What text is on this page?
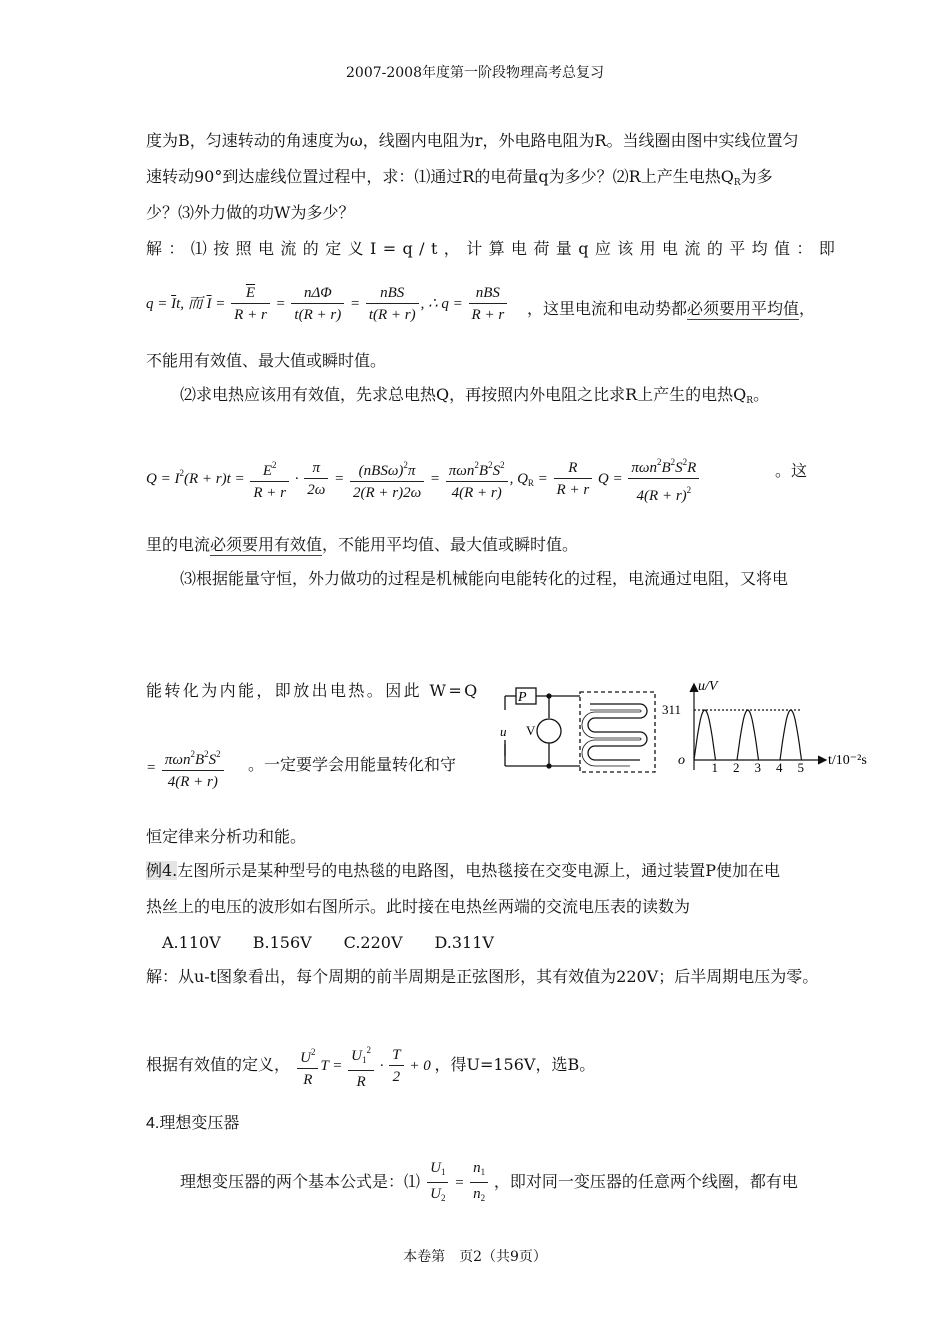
2007-2008年度第一阶段物理高考总复习
度为B，匀速转动的角速度为ω，线圈内电阻为r，外电路电阻为R。当线圈由图中实线位置匀
速转动90°到达虚线位置过程中，求：⑴通过R的电荷量q为多少？⑵R上产生电热$Q_R$为多
少？⑶外力做的功W为多少？
解：⑴按照电流的定义I=q/t，计算电荷量q应该用电流的平均值：即
$q = \overline{I}t$, 而 $\overline{I} = \frac{\overline{E}}{R + r} = \frac{\text{nΔΦ}}{t(R + r)} = \frac{\text{nBS}}{t(R + r)}$ , ∴ $q = \frac{\text{nBS}}{R + r}$ ，这里电流和电动势都必须要用平均值，
不能用有效值、最大值或瞬时值。
⑵求电热应该用有效值，先求总电热Q，再按照内外电阻之比求R上产生的电热$Q_R$。
$Q = I^2(R + r)t = \frac{E^2}{R + r} \cdot \frac{\pi}{2\omega} = \frac{(nBS\omega)^2\pi}{2(R + r)2\omega} = \frac{\pi\omega n^2B^2S^2}{4(R + r)}$ , $Q_R = \frac{R}{R + r}$ $Q = \frac{\pi\omega n^2B^2S^2R}{4(R + r)^2}$	。这
里的电流必须要用有效值，不能用平均值、最大值或瞬时值。
⑶根据能量守恒，外力做功的过程是机械能向电能转化的过程，电流通过电阻，又将电
能转化为内能，即放出电热。因此 W=Q
= $\frac{\pi\omega n^2B^2S^2}{4(R + r)}$ 。一定要学会用能量转化和守
恒定律来分析功和能。
P
V
u
u/V
311
o 1 2 3 4 5 t/10⁻²s
例4.左图所示是某种型号的电热毯的电路图，电热毯接在交变电源上，通过装置P使加在电
热丝上的电压的波形如右图所示。此时接在电热丝两端的交流电压表的读数为
A.110V　　B.156V　　C.220V　　D.311V
解：从u-t图象看出，每个周期的前半周期是正弦图形，其有效值为220V；后半周期电压为零。
根据有效值的定义， $\frac{U^2}{R}$ $T = \frac{U_1^2}{R} \cdot \frac{T}{2} + 0$ ，得U=156V，选B。
4.理想变压器
理想变压器的两个基本公式是：⑴ $\frac{U_1}{U_2} = \frac{n_1}{n_2}$ ，即对同一变压器的任意两个线圈，都有电
本卷第　页2（共9页）
